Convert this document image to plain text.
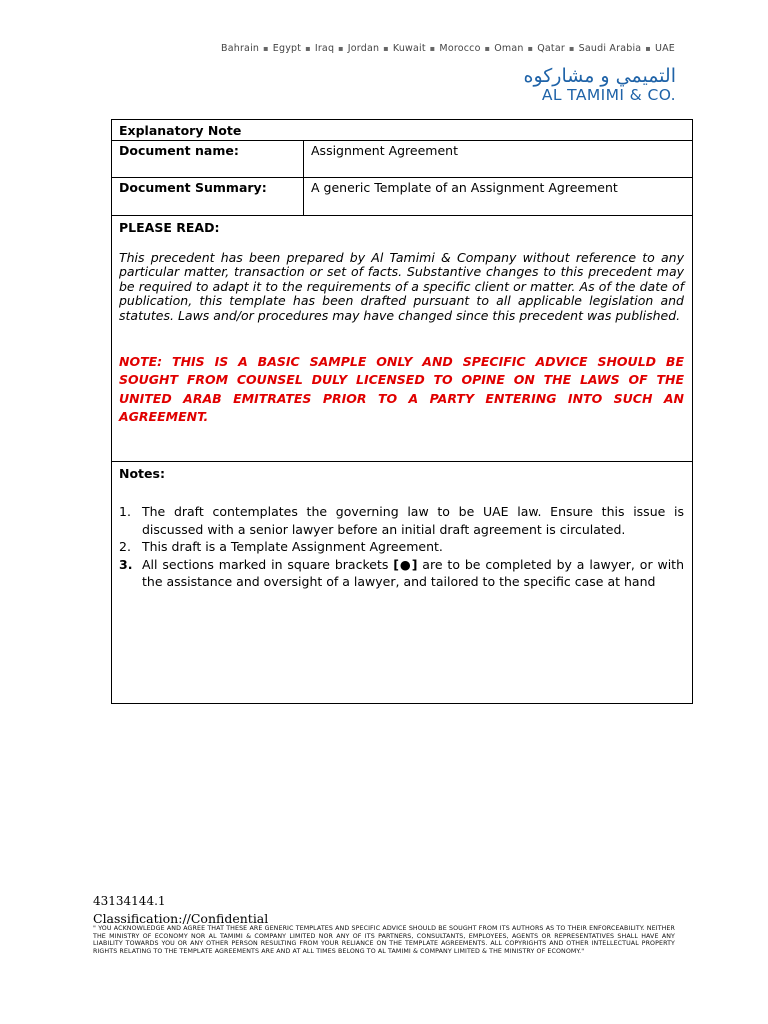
Bahrain ▪ Egypt ▪ Iraq ▪ Jordan ▪ Kuwait ▪ Morocco ▪ Oman ▪ Qatar ▪ Saudi Arabia ▪ UAE
التميمي و مشاركوه
AL TAMIMI & CO.
Explanatory Note
Document name:	Assignment Agreement
Document Summary:	A generic Template of an Assignment Agreement

PLEASE READ:

This precedent has been prepared by Al Tamimi & Company without reference to any particular matter, transaction or set of facts. Substantive changes to this precedent may be required to adapt it to the requirements of a specific client or matter. As of the date of publication, this template has been drafted pursuant to all applicable legislation and statutes. Laws and/or procedures may have changed since this precedent was published.

NOTE: THIS IS A BASIC SAMPLE ONLY AND SPECIFIC ADVICE SHOULD BE SOUGHT FROM COUNSEL DULY LICENSED TO OPINE ON THE LAWS OF THE UNITED ARAB EMITRATES PRIOR TO A PARTY ENTERING INTO SUCH AN AGREEMENT.

Notes:

1. The draft contemplates the governing law to be UAE law. Ensure this issue is discussed with a senior lawyer before an initial draft agreement is circulated.
2. This draft is a Template Assignment Agreement.
3. All sections marked in square brackets [●] are to be completed by a lawyer, or with the assistance and oversight of a lawyer, and tailored to the specific case at hand
43134144.1
Classification://Confidential
" YOU ACKNOWLEDGE AND AGREE THAT THESE ARE GENERIC TEMPLATES AND SPECIFIC ADVICE SHOULD BE SOUGHT FROM ITS AUTHORS AS TO THEIR ENFORCEABILITY. NEITHER THE MINISTRY OF ECONOMY NOR AL TAMIMI & COMPANY LIMITED NOR ANY OF ITS PARTNERS, CONSULTANTS, EMPLOYEES, AGENTS OR REPRESENTATIVES SHALL HAVE ANY LIABILITY TOWARDS YOU OR ANY OTHER PERSON RESULTING FROM YOUR RELIANCE ON THE TEMPLATE AGREEMENTS. ALL COPYRIGHTS AND OTHER INTELLECTUAL PROPERTY RIGHTS RELATING TO THE TEMPLATE AGREEMENTS ARE AND AT ALL TIMES BELONG TO AL TAMIMI & COMPANY LIMITED & THE MINISTRY OF ECONOMY."
